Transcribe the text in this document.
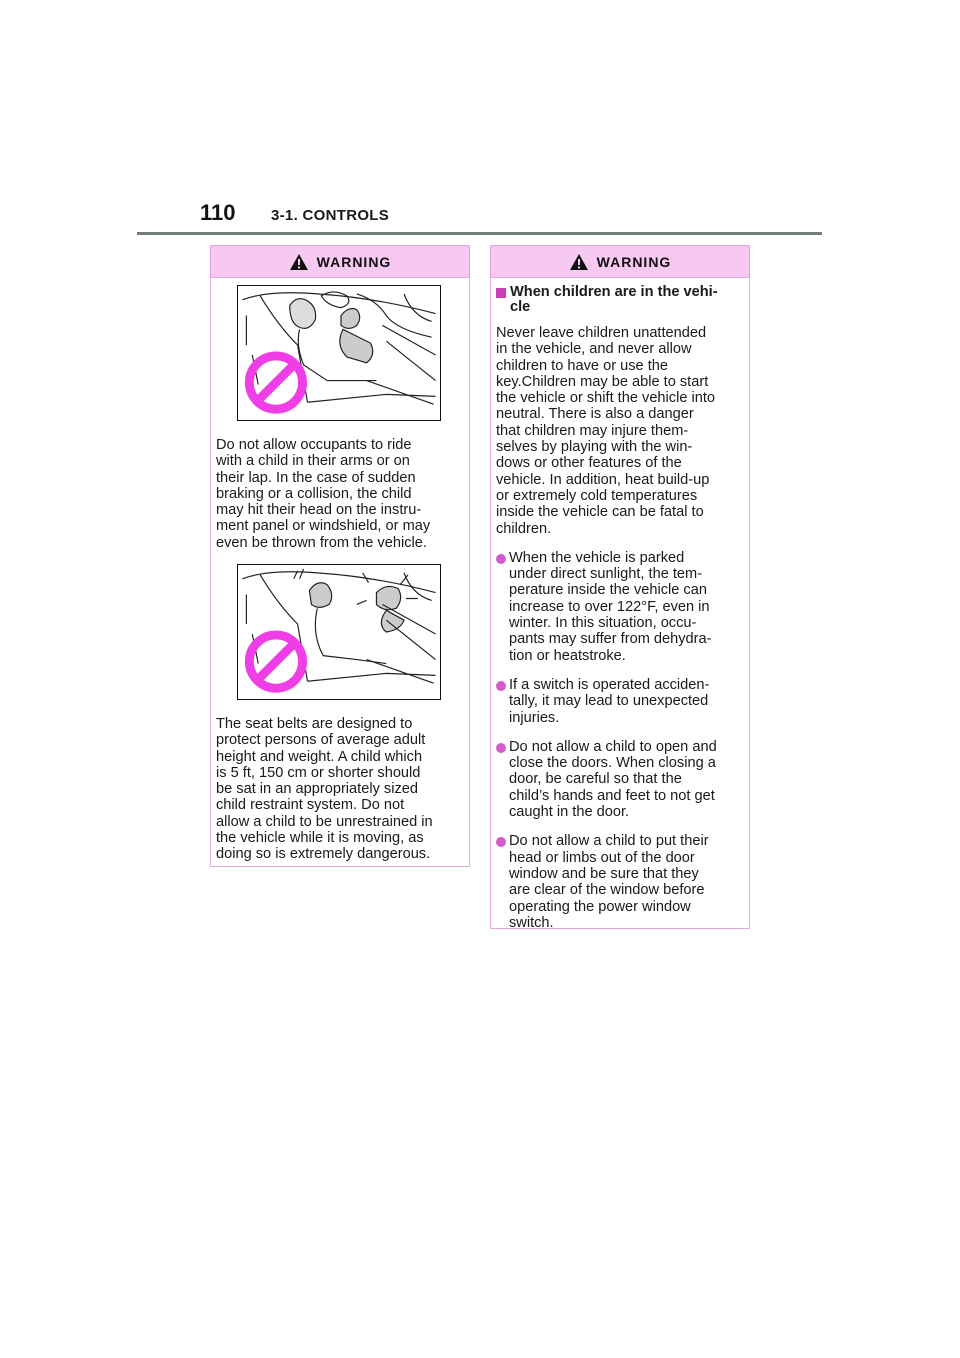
110 3-1. CONTROLS
WARNING

Do not allow occupants to ride

with a child in their arms or on

their lap. In the case of sudden

braking or a collision, the child

may hit their head on the instru-

ment panel or windshield, or may

even be thrown from the vehicle.

The seat belts are designed to

protect persons of average adult

height and weight. A child which

is 5 ft, 150 cm or shorter should

be sat in an appropriately sized

child restraint system. Do not

allow a child to be unrestrained in

the vehicle while it is moving, as

doing so is extremely dangerous.

WARNING

When children are in the vehi-

cle

Never leave children unattended

in the vehicle, and never allow

children to have or use the

key.Children may be able to start

the vehicle or shift the vehicle into

neutral. There is also a danger

that children may injure them-

selves by playing with the win-

dows or other features of the

vehicle. In addition, heat build-up

or extremely cold temperatures

inside the vehicle can be fatal to

children.

When the vehicle is parked

under direct sunlight, the tem-

perature inside the vehicle can

increase to over 122°F, even in

winter. In this situation, occu-

pants may suffer from dehydra-

tion or heatstroke.

If a switch is operated acciden-

tally, it may lead to unexpected

injuries.

Do not allow a child to open and

close the doors. When closing a

door, be careful so that the

child’s hands and feet to not get

caught in the door.

Do not allow a child to put their

head or limbs out of the door

window and be sure that they

are clear of the window before

operating the power window

switch.
